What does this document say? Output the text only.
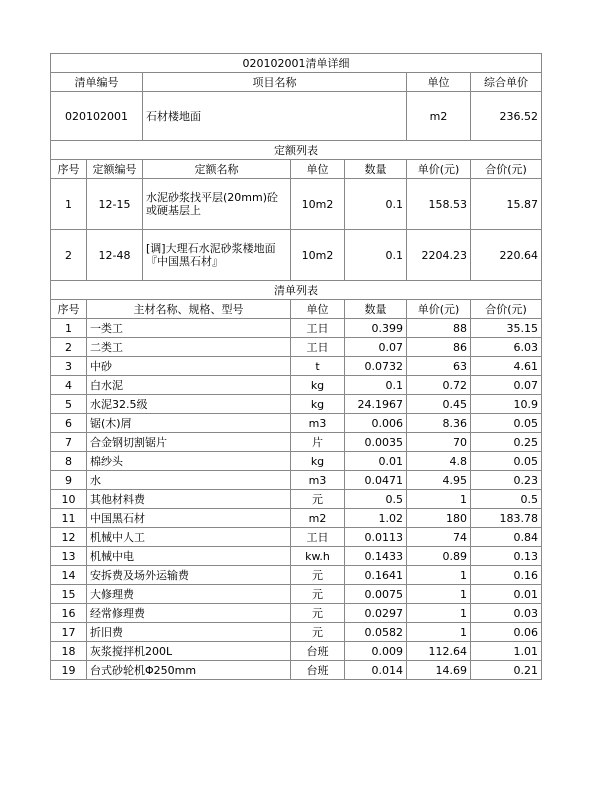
020102001清单详细						
清单编号		项目名称			单位	综合单价
020102001		石材楼地面			m2	236.52
定额列表						
序号	定额编号	定额名称	单位	数量	单价(元)	合价(元)
1	12-15	水泥砂浆找平层(20mm)砼或硬基层上	10m2	0.1	158.53	15.87
2	12-48	[调]大理石水泥砂浆楼地面『中国黑石材』	10m2	0.1	2204.23	220.64
清单列表						
序号	主材名称、规格、型号		单位	数量	单价(元)	合价(元)
1	一类工		工日	0.399	88	35.15
2	二类工		工日	0.07	86	6.03
3	中砂		t	0.0732	63	4.61
4	白水泥		kg	0.1	0.72	0.07
5	水泥32.5级		kg	24.1967	0.45	10.9
6	锯(木)屑		m3	0.006	8.36	0.05
7	合金钢切割锯片		片	0.0035	70	0.25
8	棉纱头		kg	0.01	4.8	0.05
9	水		m3	0.0471	4.95	0.23
10	其他材料费		元	0.5	1	0.5
11	中国黑石材		m2	1.02	180	183.78
12	机械中人工		工日	0.0113	74	0.84
13	机械中电		kw.h	0.1433	0.89	0.13
14	安拆费及场外运输费		元	0.1641	1	0.16
15	大修理费		元	0.0075	1	0.01
16	经常修理费		元	0.0297	1	0.03
17	折旧费		元	0.0582	1	0.06
18	灰浆搅拌机200L		台班	0.009	112.64	1.01
19	台式砂轮机Φ250mm		台班	0.014	14.69	0.21
